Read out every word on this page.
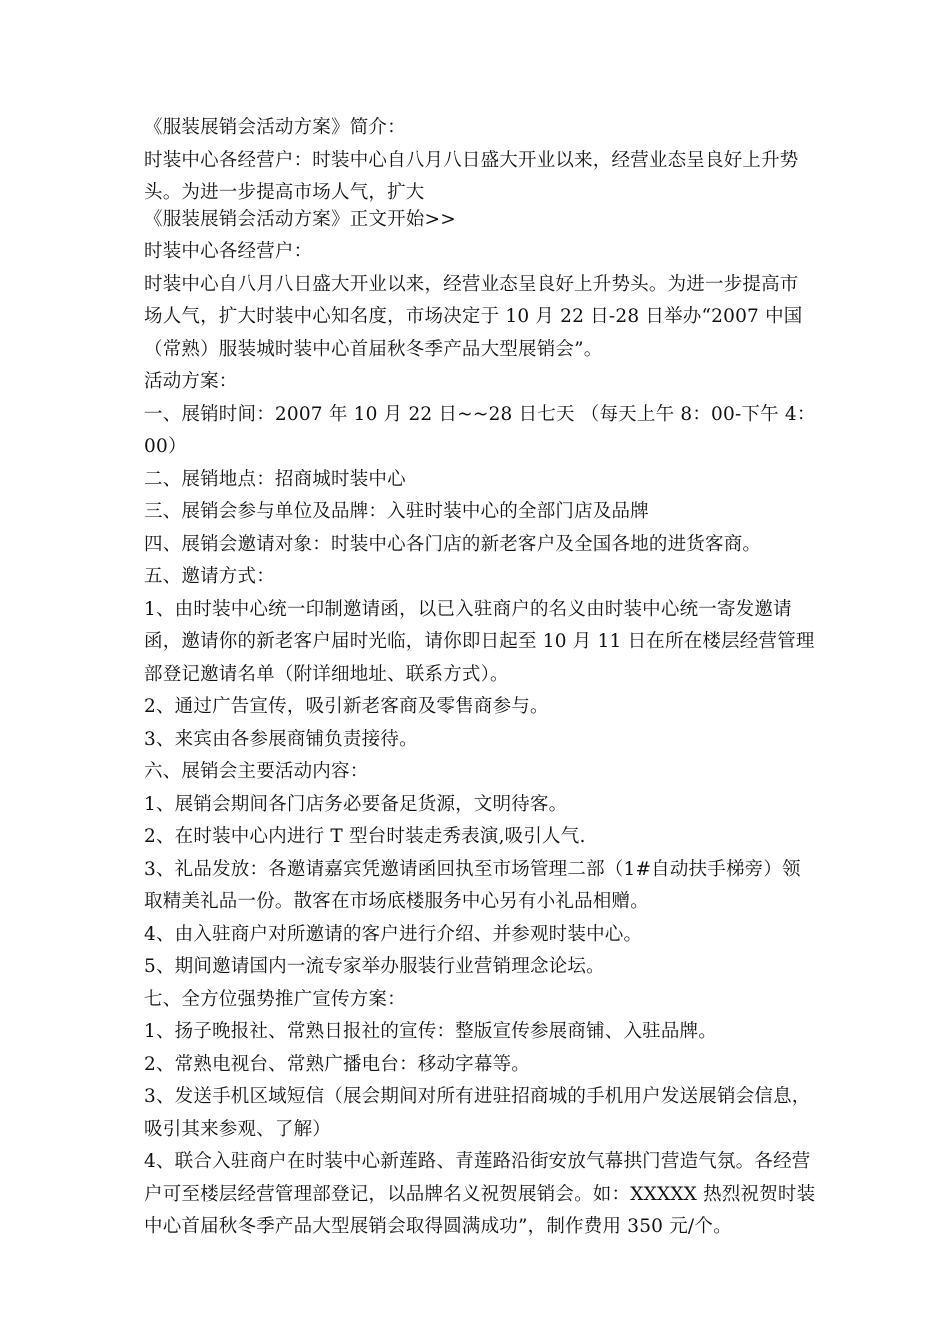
《服装展销会活动方案》简介：

时装中心各经营户：时装中心自八月八日盛大开业以来，经营业态呈良好上升势头。为进一步提高市场人气，扩大

《服装展销会活动方案》正文开始>>

时装中心各经营户：

时装中心自八月八日盛大开业以来，经营业态呈良好上升势头。为进一步提高市场人气，扩大时装中心知名度，市场决定于 10 月 22 日-28 日举办“2007 中国（常熟）服装城时装中心首届秋冬季产品大型展销会”。

活动方案：

一、展销时间：2007 年 10 月 22 日~~28 日七天 （每天上午 8：00-下午 4：00）

二、展销地点：招商城时装中心

三、展销会参与单位及品牌：入驻时装中心的全部门店及品牌

四、展销会邀请对象：时装中心各门店的新老客户及全国各地的进货客商。

五、邀请方式：

1、由时装中心统一印制邀请函，以已入驻商户的名义由时装中心统一寄发邀请函，邀请你的新老客户届时光临，请你即日起至 10 月 11 日在所在楼层经营管理部登记邀请名单（附详细地址、联系方式）。

2、通过广告宣传，吸引新老客商及零售商参与。

3、来宾由各参展商铺负责接待。

六、展销会主要活动内容：

1、展销会期间各门店务必要备足货源，文明待客。

2、在时装中心内进行 T 型台时装走秀表演,吸引人气.

3、礼品发放：各邀请嘉宾凭邀请函回执至市场管理二部（1#自动扶手梯旁）领取精美礼品一份。散客在市场底楼服务中心另有小礼品相赠。

4、由入驻商户对所邀请的客户进行介绍、并参观时装中心。

5、期间邀请国内一流专家举办服装行业营销理念论坛。

七、全方位强势推广宣传方案：

1、扬子晚报社、常熟日报社的宣传：整版宣传参展商铺、入驻品牌。

2、常熟电视台、常熟广播电台：移动字幕等。

3、发送手机区域短信（展会期间对所有进驻招商城的手机用户发送展销会信息，吸引其来参观、了解）

4、联合入驻商户在时装中心新莲路、青莲路沿街安放气幕拱门营造气氛。各经营户可至楼层经营管理部登记，以品牌名义祝贺展销会。如：XXXXX 热烈祝贺时装中心首届秋冬季产品大型展销会取得圆满成功”，制作费用 350 元/个。
